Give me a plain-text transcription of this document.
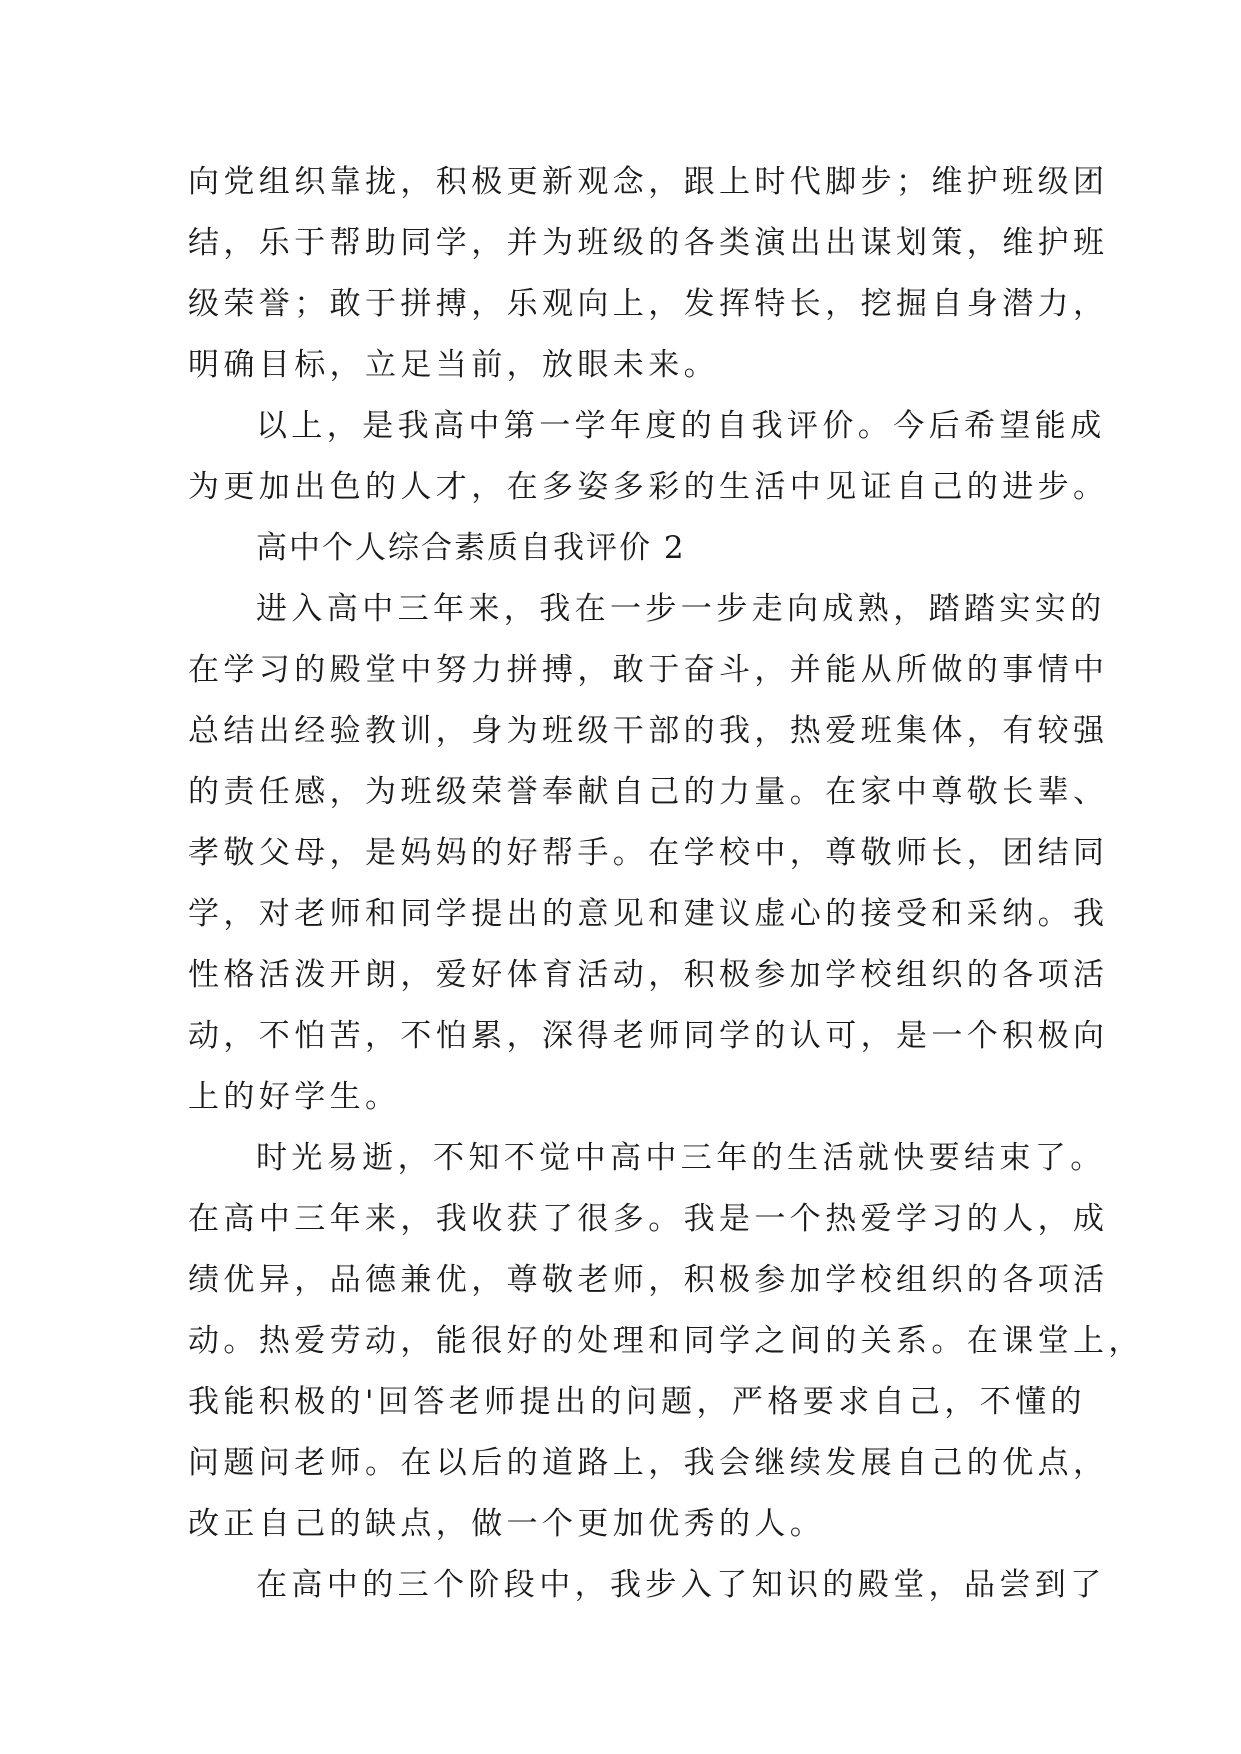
向党组织靠拢，积极更新观念，跟上时代脚步；维护班级团
结，乐于帮助同学，并为班级的各类演出出谋划策，维护班
级荣誉；敢于拼搏，乐观向上，发挥特长，挖掘自身潜力，
明确目标，立足当前，放眼未来。
以上，是我高中第一学年度的自我评价。今后希望能成
为更加出色的人才，在多姿多彩的生活中见证自己的进步。
高中个人综合素质自我评价 2
进入高中三年来，我在一步一步走向成熟，踏踏实实的
在学习的殿堂中努力拼搏，敢于奋斗，并能从所做的事情中
总结出经验教训，身为班级干部的我，热爱班集体，有较强
的责任感，为班级荣誉奉献自己的力量。在家中尊敬长辈、
孝敬父母，是妈妈的好帮手。在学校中，尊敬师长，团结同
学，对老师和同学提出的意见和建议虚心的接受和采纳。我
性格活泼开朗，爱好体育活动，积极参加学校组织的各项活
动，不怕苦，不怕累，深得老师同学的认可，是一个积极向
上的好学生。
时光易逝，不知不觉中高中三年的生活就快要结束了。
在高中三年来，我收获了很多。我是一个热爱学习的人，成
绩优异，品德兼优，尊敬老师，积极参加学校组织的各项活
动。热爱劳动，能很好的处理和同学之间的关系。在课堂上，
我能积极的'回答老师提出的问题，严格要求自己，不懂的
问题问老师。在以后的道路上，我会继续发展自己的优点，
改正自己的缺点，做一个更加优秀的人。
在高中的三个阶段中，我步入了知识的殿堂，品尝到了
